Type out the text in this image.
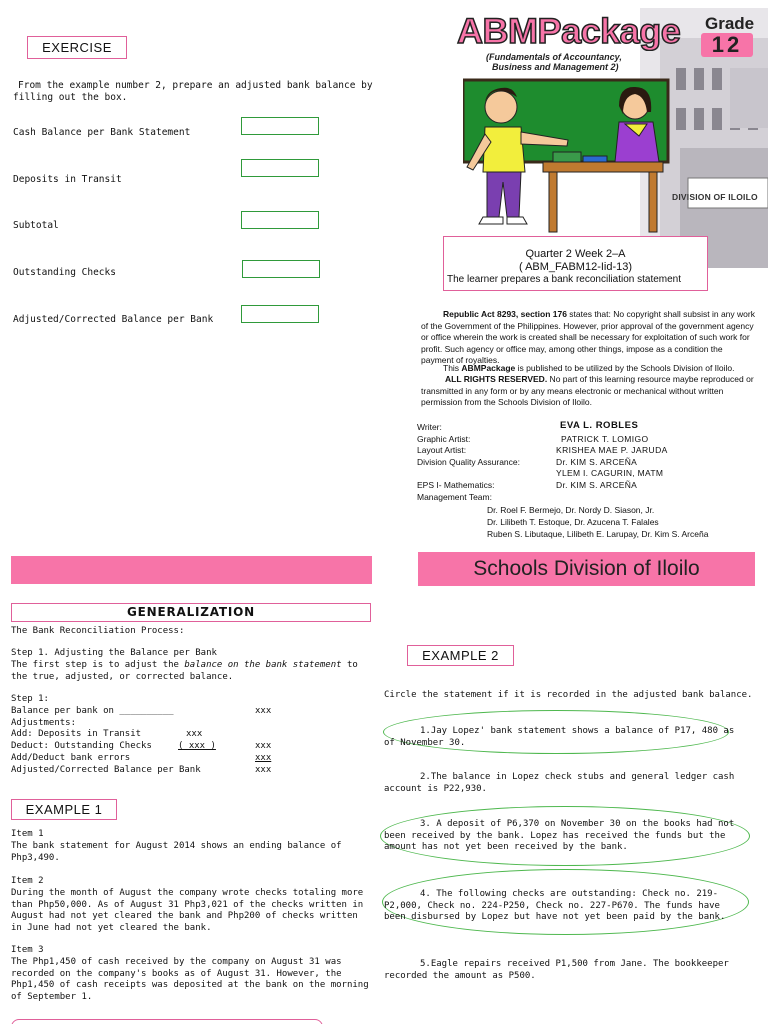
EXERCISE
From the example number 2, prepare an adjusted bank balance by filling out the box.
Cash Balance per Bank Statement
Deposits in Transit
Subtotal
Outstanding Checks
Adjusted/Corrected Balance per Bank
DIVISION OF ILOILO
ABMPackage
(Fundamentals of Accountancy,
Business and Management 2)
Grade
12
Quarter 2 Week 2–A
( ABM_FABM12-Iid-13)
The learner prepares a bank reconciliation statement
Republic Act 8293, section 176 states that: No copyright shall subsist in any work of the Government of the Philippines. However, prior approval of the government agency or office wherein the work is created shall be necessary for exploitation of such work for profit. Such agency or office may, among other things, impose as a condition the payment of royalties.
This ABMPackage is published to be utilized by the Schools Division of Iloilo.
ALL RIGHTS RESERVED. No part of this learning resource maybe reproduced or transmitted in any form or by any means electronic or mechanical without written permission from the Schools Division of Iloilo.
Writer:	EVA L. ROBLES
Graphic Artist:	PATRICK T. LOMIGO
Layout Artist:	KRISHEA MAE P. JARUDA
Division Quality Assurance:	Dr. KIM S. ARCEÑA
YLEM I. CAGURIN, MATM
EPS I- Mathematics:	Dr. KIM S. ARCEÑA
Management Team:
Dr. Roel F. Bermejo, Dr. Nordy D. Siason, Jr.
Dr. Lilibeth T. Estoque, Dr. Azucena T. Falales
Ruben S. Libutaque, Lilibeth E. Larupay, Dr. Kim S. Arceña
Schools Division of Iloilo
GENERALIZATION
The Bank Reconciliation Process:
Step 1. Adjusting the Balance per Bank
The first step is to adjust the balance on the bank statement to the true, adjusted, or corrected balance.
Step 1:
Balance per bank on __________	xxx
Adjustments:
Add: Deposits in Transit	xxx
Deduct: Outstanding Checks	( xxx )	xxx
Add/Deduct bank errors	xxx
Adjusted/Corrected Balance per Bank	xxx
EXAMPLE 1
Item 1
The bank statement for August 2014 shows an ending balance of Php3,490.
Item 2
During the month of August the company wrote checks totaling more than Php50,000. As of August 31 Php3,021 of the checks written in August had not yet cleared the bank and Php200 of checks written in June had not yet cleared the bank.
Item 3
The Php1,450 of cash received by the company on August 31 was recorded on the company's books as of August 31. However, the Php1,450 of cash receipts was deposited at the bank on the morning of September 1.
EXAMPLE 2
Circle the statement if it is recorded in the adjusted bank balance.
1.Jay Lopez' bank statement shows a balance of P17, 480 as of November 30.
2.The balance in Lopez check stubs and general ledger cash account is P22,930.
3. A deposit of P6,370 on November 30 on the books had not been received by the bank. Lopez has received the funds but the amount has not yet been received by the bank.
4. The following checks are outstanding: Check no. 219-P2,000, Check no. 224-P250, Check no. 227-P670. The funds have been disbursed by Lopez but have not yet been paid by the bank.
5.Eagle repairs received P1,500 from Jane. The bookkeeper recorded the amount as P500.
